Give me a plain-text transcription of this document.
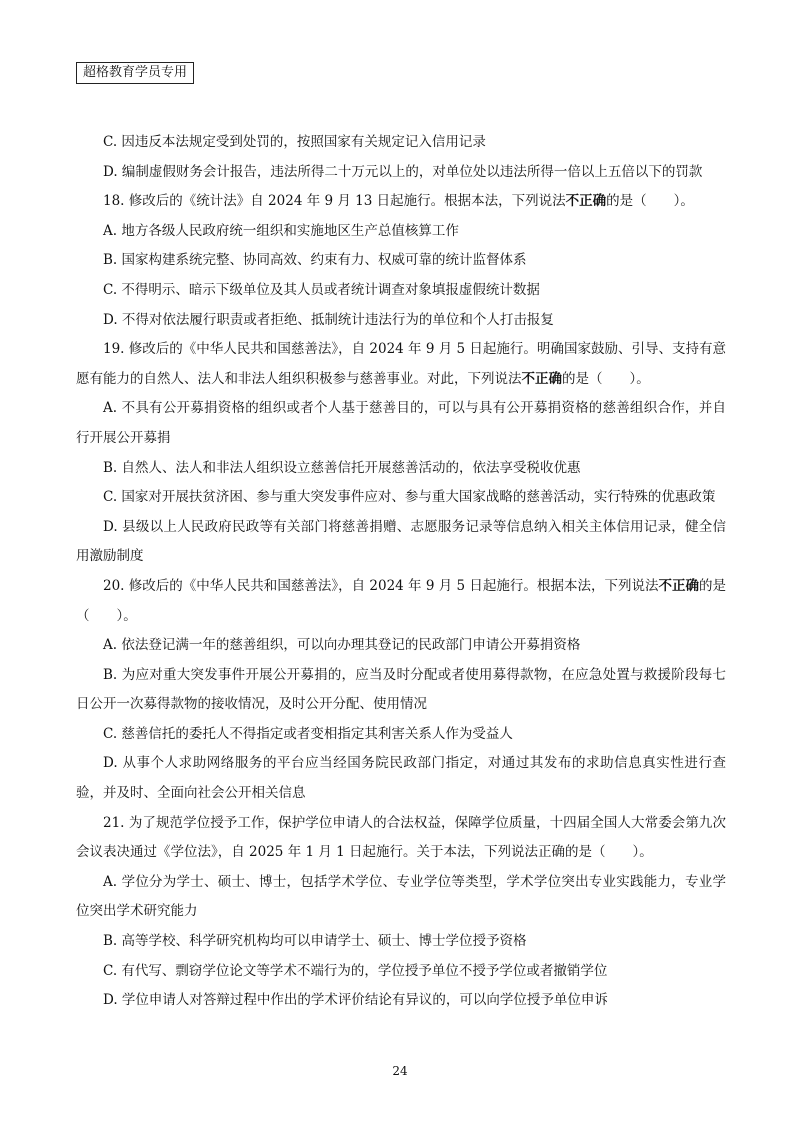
超格教育学员专用

C. 因违反本法规定受到处罚的，按照国家有关规定记入信用记录

D. 编制虚假财务会计报告，违法所得二十万元以上的，对单位处以违法所得一倍以上五倍以下的罚款

18. 修改后的《统计法》自 2024 年 9 月 13 日起施行。根据本法，下列说法不正确的是（　　）。

A. 地方各级人民政府统一组织和实施地区生产总值核算工作

B. 国家构建系统完整、协同高效、约束有力、权威可靠的统计监督体系

C. 不得明示、暗示下级单位及其人员或者统计调查对象填报虚假统计数据

D. 不得对依法履行职责或者拒绝、抵制统计违法行为的单位和个人打击报复

19. 修改后的《中华人民共和国慈善法》，自 2024 年 9 月 5 日起施行。明确国家鼓励、引导、支持有意愿有能力的自然人、法人和非法人组织积极参与慈善事业。对此，下列说法不正确的是（　　）。

A. 不具有公开募捐资格的组织或者个人基于慈善目的，可以与具有公开募捐资格的慈善组织合作，并自行开展公开募捐

B. 自然人、法人和非法人组织设立慈善信托开展慈善活动的，依法享受税收优惠

C. 国家对开展扶贫济困、参与重大突发事件应对、参与重大国家战略的慈善活动，实行特殊的优惠政策

D. 县级以上人民政府民政等有关部门将慈善捐赠、志愿服务记录等信息纳入相关主体信用记录，健全信用激励制度

20. 修改后的《中华人民共和国慈善法》，自 2024 年 9 月 5 日起施行。根据本法，下列说法不正确的是（　　）。

A. 依法登记满一年的慈善组织，可以向办理其登记的民政部门申请公开募捐资格

B. 为应对重大突发事件开展公开募捐的，应当及时分配或者使用募得款物，在应急处置与救援阶段每七日公开一次募得款物的接收情况，及时公开分配、使用情况

C. 慈善信托的委托人不得指定或者变相指定其利害关系人作为受益人

D. 从事个人求助网络服务的平台应当经国务院民政部门指定，对通过其发布的求助信息真实性进行查验，并及时、全面向社会公开相关信息

21. 为了规范学位授予工作，保护学位申请人的合法权益，保障学位质量，十四届全国人大常委会第九次会议表决通过《学位法》，自 2025 年 1 月 1 日起施行。关于本法，下列说法正确的是（　　）。

A. 学位分为学士、硕士、博士，包括学术学位、专业学位等类型，学术学位突出专业实践能力，专业学位突出学术研究能力

B. 高等学校、科学研究机构均可以申请学士、硕士、博士学位授予资格

C. 有代写、剽窃学位论文等学术不端行为的，学位授予单位不授予学位或者撤销学位

D. 学位申请人对答辩过程中作出的学术评价结论有异议的，可以向学位授予单位申诉

24
